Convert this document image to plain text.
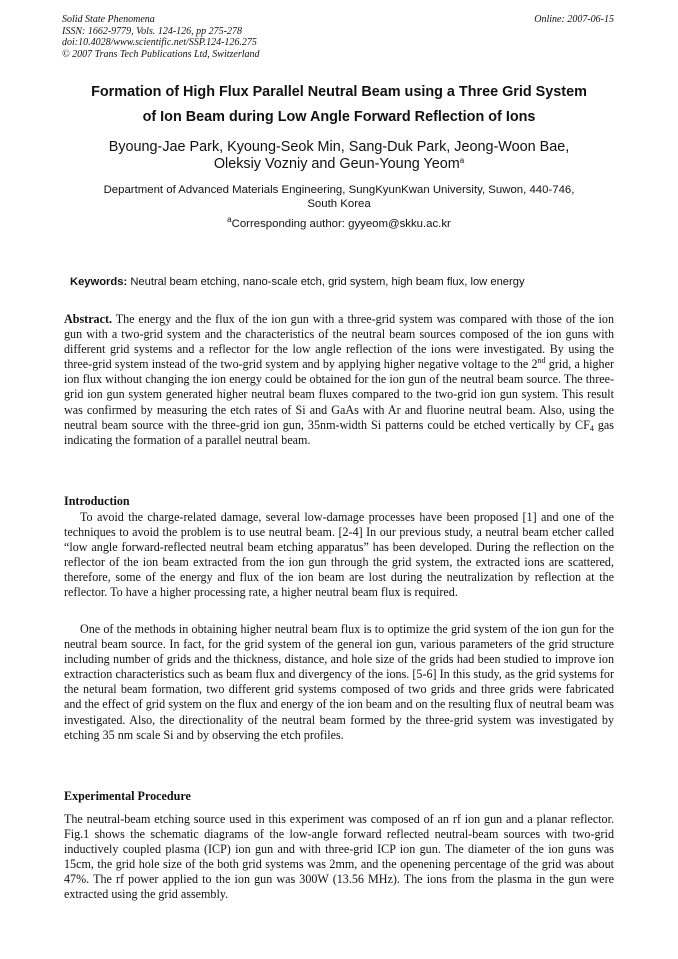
Solid State Phenomena
ISSN: 1662-9779, Vols. 124-126, pp 275-278
doi:10.4028/www.scientific.net/SSP.124-126.275
© 2007 Trans Tech Publications Ltd, Switzerland
Online: 2007-06-15
Formation of High Flux Parallel Neutral Beam using a Three Grid System
of Ion Beam during Low Angle Forward Reflection of Ions
Byoung-Jae Park, Kyoung-Seok Min, Sang-Duk Park, Jeong-Woon Bae,
Oleksiy Vozniy and Geun-Young Yeom$^a$
Department of Advanced Materials Engineering, SungKyunKwan University, Suwon, 440-746,
South Korea
$^a$Corresponding author: gyyeom@skku.ac.kr
Keywords: Neutral beam etching, nano-scale etch, grid system, high beam flux, low energy

Abstract. The energy and the flux of the ion gun with a three-grid system was compared with those of the ion gun with a two-grid system and the characteristics of the neutral beam sources composed of the ion guns with different grid systems and a reflector for the low angle reflection of the ions were investigated. By using the three-grid system instead of the two-grid system and by applying higher negative voltage to the 2nd grid, a higher ion flux without changing the ion energy could be obtained for the ion gun of the neutral beam source. The three-grid ion gun system generated higher neutral beam fluxes compared to the two-grid ion gun system. This result was confirmed by measuring the etch rates of Si and GaAs with Ar and fluorine neutral beam. Also, using the neutral beam source with the three-grid ion gun, 35nm-width Si patterns could be etched vertically by $CF_4$ gas indicating the formation of a parallel neutral beam.

Introduction

To avoid the charge-related damage, several low-damage processes have been proposed [1] and one of the techniques to avoid the problem is to use neutral beam. [2-4] In our previous study, a neutral beam etcher called “low angle forward-reflected neutral beam etching apparatus” has been developed. During the reflection on the reflector of the ion beam extracted from the ion gun through the grid system, the extracted ions are scattered, therefore, some of the energy and flux of the ion beam are lost during the neutralization by reflection at the reflector. To have a higher processing rate, a higher neutral beam flux is required.

One of the methods in obtaining higher neutral beam flux is to optimize the grid system of the ion gun for the neutral beam source. In fact, for the grid system of the general ion gun, various parameters of the grid structure including number of grids and the thickness, distance, and hole size of the grids had been studied to improve ion extraction characteristics such as beam flux and divergency of the ions. [5-6] In this study, as the grid systems for the netural beam formation, two different grid systems composed of two grids and three grids were fabricated and the effect of grid system on the flux and energy of the ion beam and on the resulting flux of neutral beam was investigated. Also, the directionality of the neutral beam formed by the three-grid system was investigated by etching 35 nm scale Si and by observing the etch profiles.

Experimental Procedure

The neutral-beam etching source used in this experiment was composed of an rf ion gun and a planar reflector. Fig.1 shows the schematic diagrams of the low-angle forward reflected neutral-beam sources with two-grid inductively coupled plasma (ICP) ion gun and with three-grid ICP ion gun. The diameter of the ion guns was 15cm, the grid hole size of the both grid systems was 2mm, and the openening percentage of the grid was about 47%. The rf power applied to the ion gun was 300W (13.56 MHz). The ions from the plasma in the gun were extracted using the grid assembly.
